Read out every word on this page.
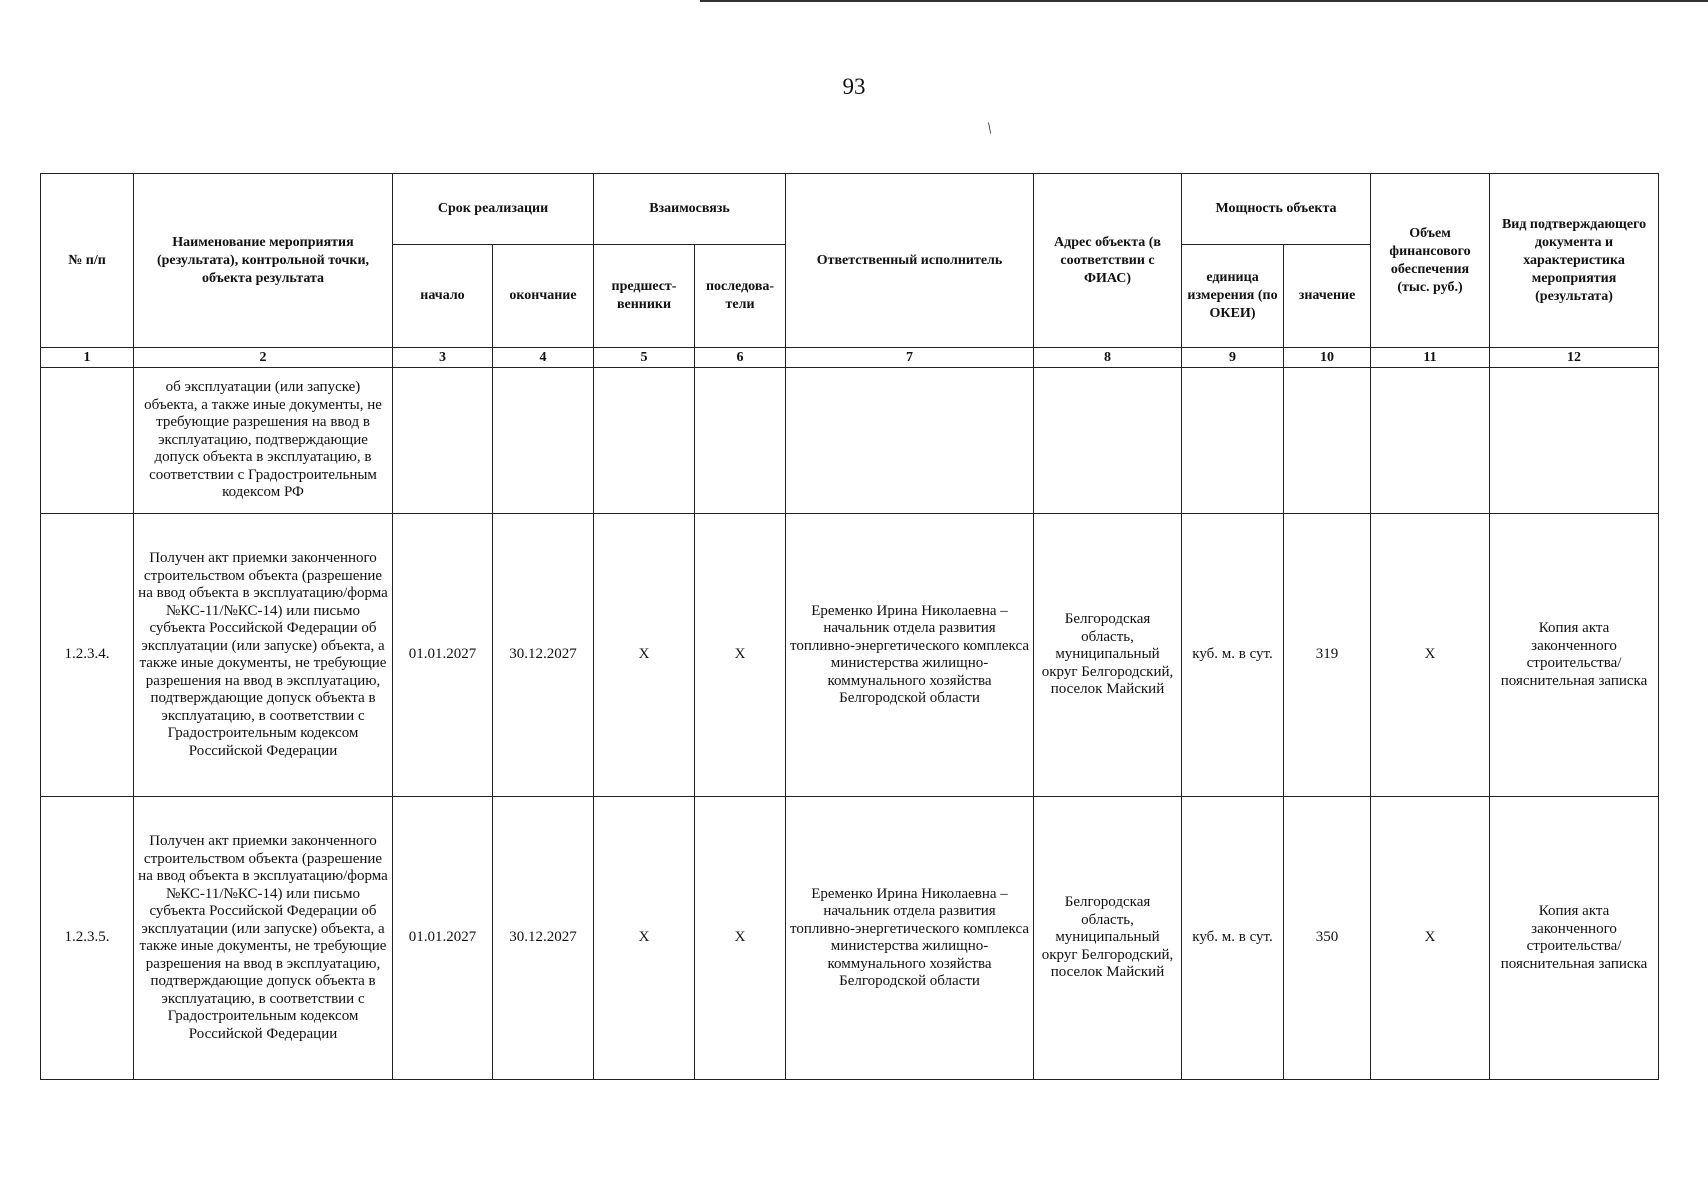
93
/
№ п/п	Наименование мероприятия (результата), контрольной точки, объекта результата	Срок реализации		Взаимосвязь		Ответственный исполнитель	Адрес объекта (в соответствии с ФИАС)	Мощность объекта		Объем финансового обеспечения (тыс. руб.)	Вид подтверждающего документа и характеристика мероприятия (результата)
		начало	окончание	предшест-венники	последова-тели			единица измерения (по ОКЕИ)	значение		
1	2	3	4	5	6	7	8	9	10	11	12
	об эксплуатации (или запуске) объекта, а также иные документы, не требующие разрешения на ввод в эксплуатацию, подтверждающие допуск объекта в эксплуатацию, в соответствии с Градостроительным кодексом РФ										
1.2.3.4.	Получен акт приемки законченного строительством объекта (разрешение на ввод объекта в эксплуатацию/форма №КС-11/№КС-14) или письмо субъекта Российской Федерации об эксплуатации (или запуске) объекта, а также иные документы, не требующие разрешения на ввод в эксплуатацию, подтверждающие допуск объекта в эксплуатацию, в соответствии с Градостроительным кодексом Российской Федерации	01.01.2027	30.12.2027	X	X	Еременко Ирина Николаевна – начальник отдела развития топливно-энергетического комплекса министерства жилищно-коммунального хозяйства Белгородской области	Белгородская область, муниципальный округ Белгородский, поселок Майский	куб. м. в сут.	319	X	Копия акта законченного строительства/ пояснительная записка
1.2.3.5.	Получен акт приемки законченного строительством объекта (разрешение на ввод объекта в эксплуатацию/форма №КС-11/№КС-14) или письмо субъекта Российской Федерации об эксплуатации (или запуске) объекта, а также иные документы, не требующие разрешения на ввод в эксплуатацию, подтверждающие допуск объекта в эксплуатацию, в соответствии с Градостроительным кодексом Российской Федерации	01.01.2027	30.12.2027	X	X	Еременко Ирина Николаевна – начальник отдела развития топливно-энергетического комплекса министерства жилищно-коммунального хозяйства Белгородской области	Белгородская область, муниципальный округ Белгородский, поселок Майский	куб. м. в сут.	350	X	Копия акта законченного строительства/ пояснительная записка
